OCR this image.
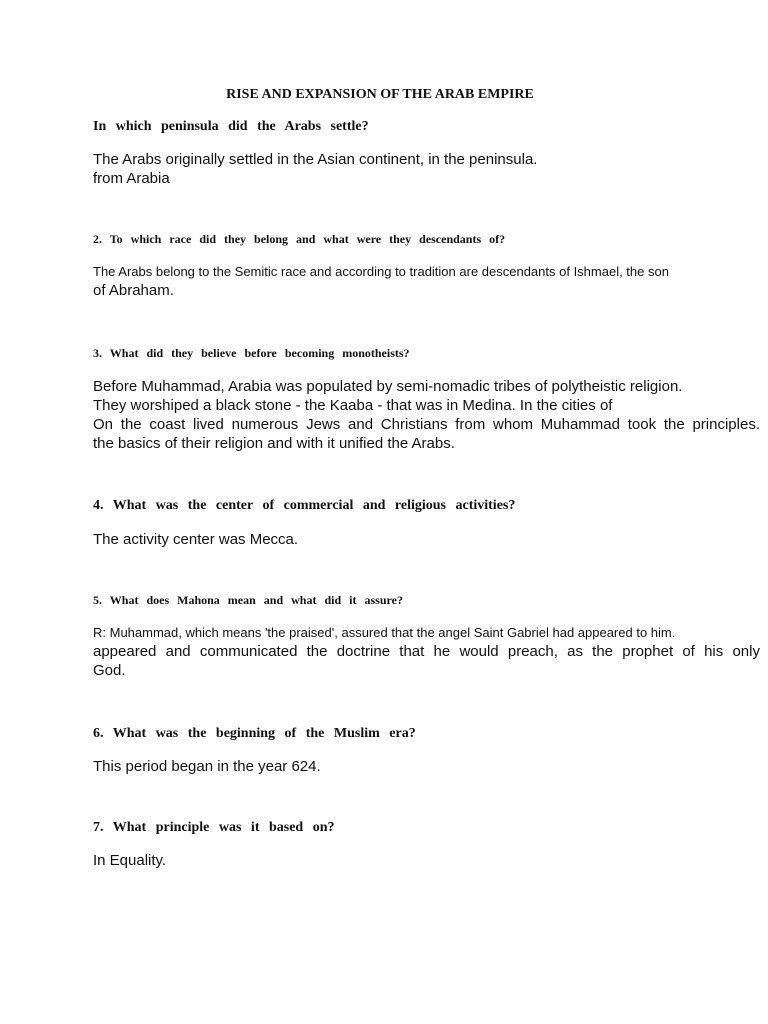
RISE AND EXPANSION OF THE ARAB EMPIRE

In which peninsula did the Arabs settle?

The Arabs originally settled in the Asian continent, in the peninsula.
from Arabia

2. To which race did they belong and what were they descendants of?

The Arabs belong to the Semitic race and according to tradition are descendants of Ishmael, the son
of Abraham.

3. What did they believe before becoming monotheists?

Before Muhammad, Arabia was populated by semi-nomadic tribes of polytheistic religion.
They worshiped a black stone - the Kaaba - that was in Medina. In the cities of
On the coast lived numerous Jews and Christians from whom Muhammad took the principles.
the basics of their religion and with it unified the Arabs.

4. What was the center of commercial and religious activities?

The activity center was Mecca.

5. What does Mahona mean and what did it assure?

R: Muhammad, which means 'the praised', assured that the angel Saint Gabriel had appeared to him.
appeared and communicated the doctrine that he would preach, as the prophet of his only
God.

6. What was the beginning of the Muslim era?

This period began in the year 624.

7. What principle was it based on?

In Equality.
